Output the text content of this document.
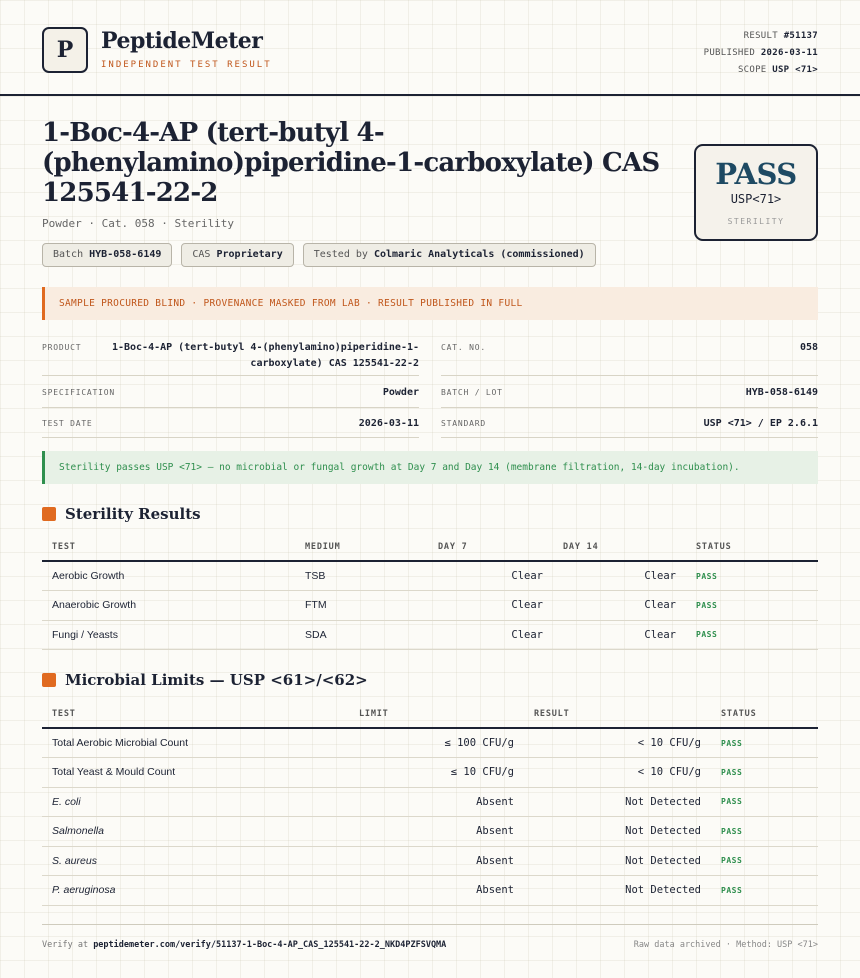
P	PeptideMeter
INDEPENDENT TEST RESULT
RESULT #51137
PUBLISHED 2026-03-11
SCOPE USP <71>
1-Boc-4-AP (tert-butyl 4-(phenylamino)piperidine-1-carboxylate) CAS 125541-22-2
Powder · Cat. 058 · Sterility
Batch HYB-058-6149	CAS Proprietary	Tested by Colmaric Analyticals (commissioned)
PASS
USP<71>
STERILITY
SAMPLE PROCURED BLIND · PROVENANCE MASKED FROM LAB · RESULT PUBLISHED IN FULL
PRODUCT	1-Boc-4-AP (tert-butyl 4-(phenylamino)piperidine-1-carboxylate) CAS 125541-22-2
CAT. NO.	058
SPECIFICATION	Powder	BATCH / LOT	HYB-058-6149
TEST DATE	2026-03-11	STANDARD	USP <71> / EP 2.6.1
Sterility passes USP <71> — no microbial or fungal growth at Day 7 and Day 14 (membrane filtration, 14-day incubation).
Sterility Results
TEST	MEDIUM	DAY 7	DAY 14	STATUS
Aerobic Growth	TSB	Clear	Clear	PASS
Anaerobic Growth	FTM	Clear	Clear	PASS
Fungi / Yeasts	SDA	Clear	Clear	PASS
Microbial Limits — USP <61>/<62>
TEST	LIMIT	RESULT	STATUS
Total Aerobic Microbial Count	≤ 100 CFU/g	< 10 CFU/g	PASS
Total Yeast & Mould Count	≤ 10 CFU/g	< 10 CFU/g	PASS
E. coli	Absent	Not Detected	PASS
Salmonella	Absent	Not Detected	PASS
S. aureus	Absent	Not Detected	PASS
P. aeruginosa	Absent	Not Detected	PASS
Verify at peptidemeter.com/verify/51137-1-Boc-4-AP_CAS_125541-22-2_NKD4PZFSVQMA	Raw data archived · Method: USP <71>
